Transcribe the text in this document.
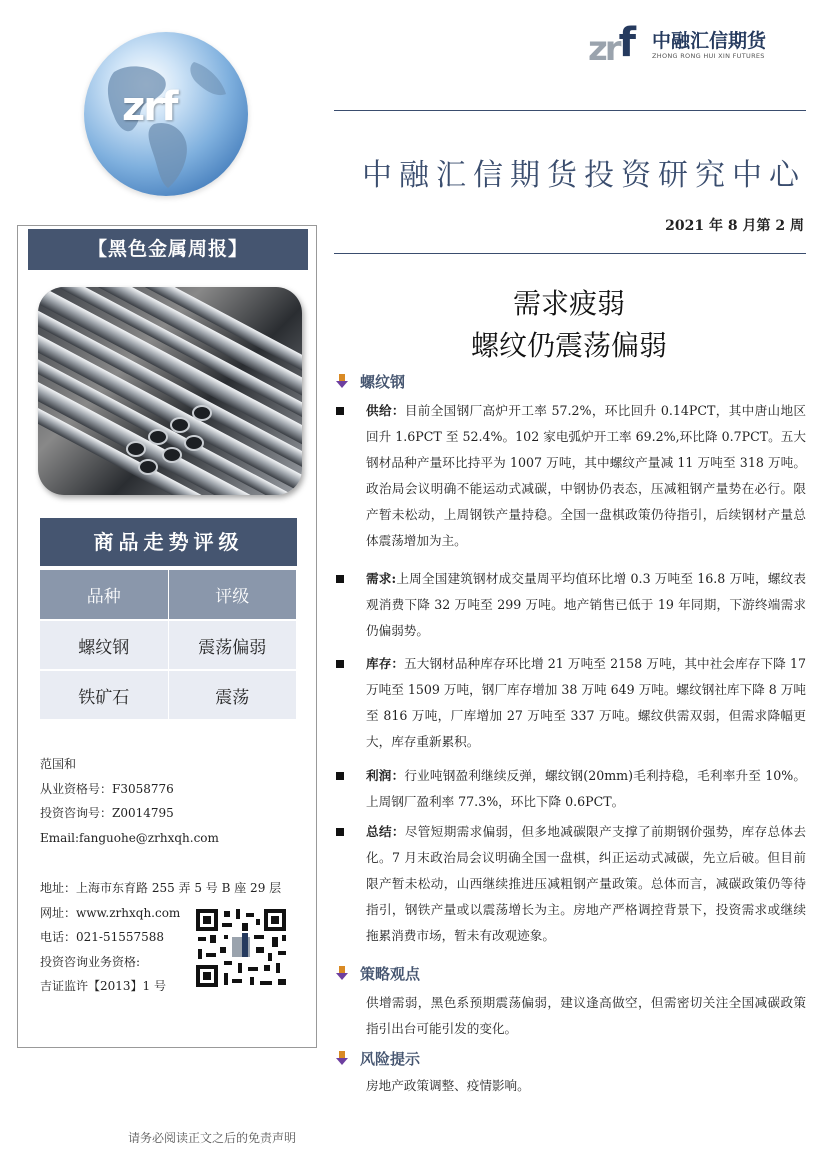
zrf
zrf 中融汇信期货
ZHONG RONG HUI XIN FUTURES
中融汇信期货投资研究中心
2021 年 8 月第 2 周
【黑色金属周报】
商品走势评级
品种	评级
螺纹钢	震荡偏弱
铁矿石	震荡
范国和
从业资格号：F3058776
投资咨询号：Z0014795
Email:fanguohe@zrhxqh.com
地址：上海市东育路 255 弄 5 号 B 座 29 层
网址：www.zrhxqh.com
电话：021-51557588
投资咨询业务资格:
吉证监许【2013】1 号
请务必阅读正文之后的免责声明
需求疲弱
螺纹仍震荡偏弱
螺纹钢
供给：目前全国钢厂高炉开工率 57.2%，环比回升 0.14PCT，其中唐山地区回升 1.6PCT 至 52.4%。102 家电弧炉开工率 69.2%,环比降 0.7PCT。五大钢材品种产量环比持平为 1007 万吨，其中螺纹产量减 11 万吨至 318 万吨。政治局会议明确不能运动式减碳，中钢协仍表态，压减粗钢产量势在必行。限产暂未松动，上周钢铁产量持稳。全国一盘棋政策仍待指引，后续钢材产量总体震荡增加为主。
需求:上周全国建筑钢材成交量周平均值环比增 0.3 万吨至 16.8 万吨，螺纹表观消费下降 32 万吨至 299 万吨。地产销售已低于 19 年同期，下游终端需求仍偏弱势。
库存：五大钢材品种库存环比增 21 万吨至 2158 万吨，其中社会库存下降 17 万吨至 1509 万吨，钢厂库存增加 38 万吨 649 万吨。螺纹钢社库下降 8 万吨至 816 万吨，厂库增加 27 万吨至 337 万吨。螺纹供需双弱，但需求降幅更大，库存重新累积。
利润：行业吨钢盈利继续反弹，螺纹钢(20mm)毛利持稳，毛利率升至 10%。上周钢厂盈利率 77.3%，环比下降 0.6PCT。
总结：尽管短期需求偏弱，但多地减碳限产支撑了前期钢价强势，库存总体去化。7 月末政治局会议明确全国一盘棋，纠正运动式减碳，先立后破。但目前限产暂未松动，山西继续推进压减粗钢产量政策。总体而言，减碳政策仍等待指引，钢铁产量或以震荡增长为主。房地产严格调控背景下，投资需求或继续拖累消费市场，暂未有改观迹象。
策略观点
供增需弱，黑色系预期震荡偏弱，建议逢高做空，但需密切关注全国减碳政策指引出台可能引发的变化。
风险提示
房地产政策调整、疫情影响。
